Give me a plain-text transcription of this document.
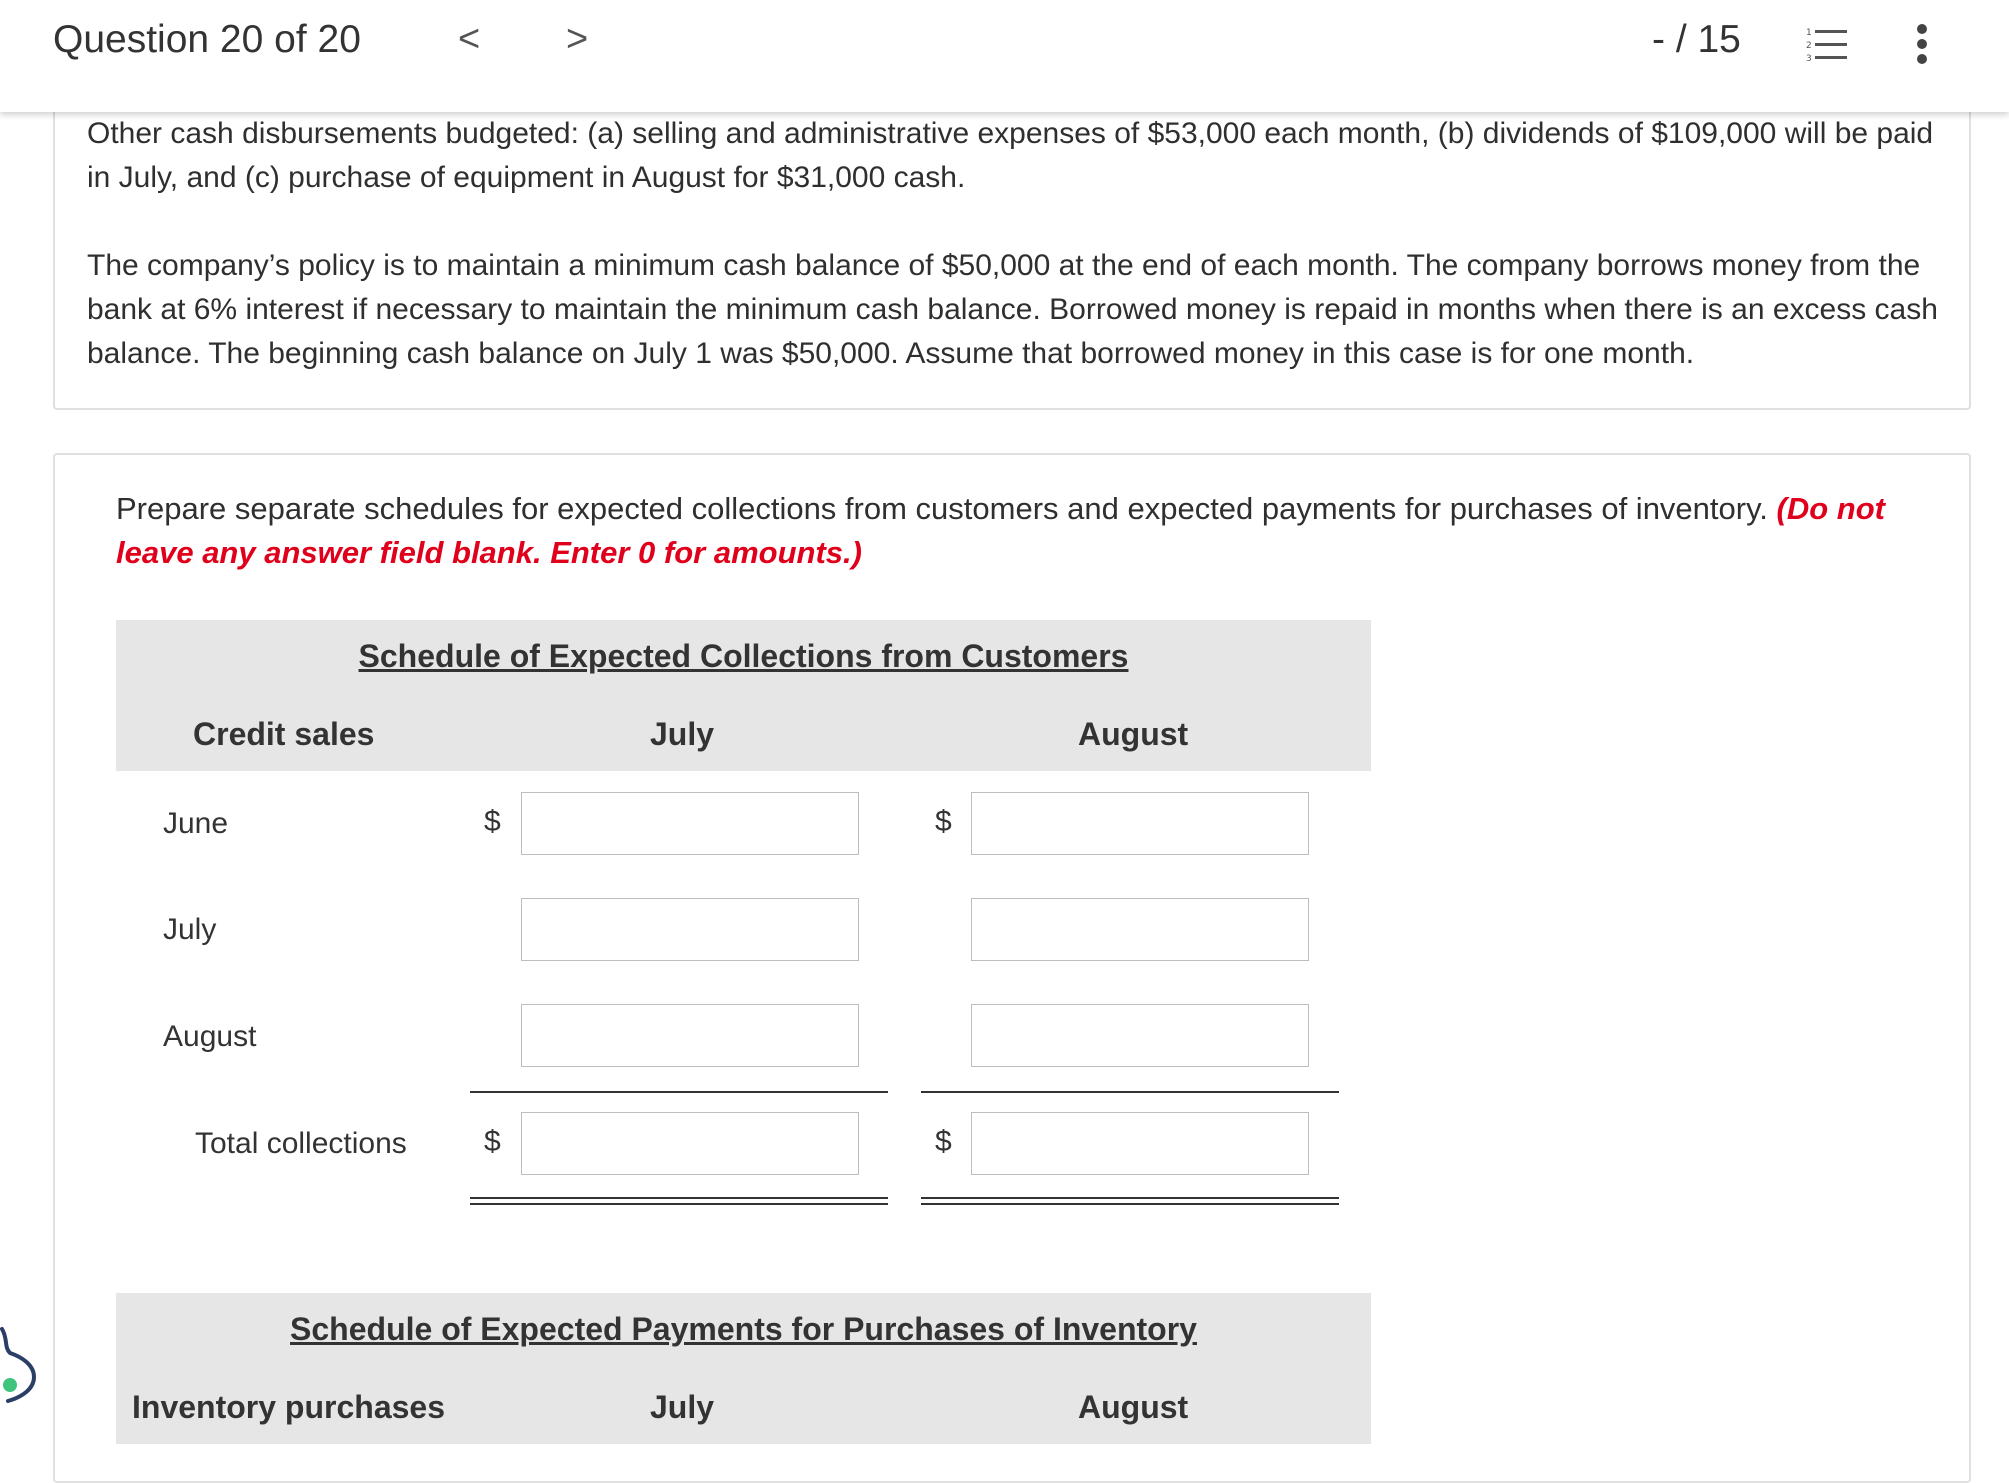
Question 20 of 20	< >	- / 15	1
2
3

Other cash disbursements budgeted: (a) selling and administrative expenses of $53,000 each month, (b) dividends of $109,000 will be paid in July, and (c) purchase of equipment in August for $31,000 cash.

The company’s policy is to maintain a minimum cash balance of $50,000 at the end of each month. The company borrows money from the bank at 6% interest if necessary to maintain the minimum cash balance. Borrowed money is repaid in months when there is an excess cash balance. The beginning cash balance on July 1 was $50,000. Assume that borrowed money in this case is for one month.

Prepare separate schedules for expected collections from customers and expected payments for purchases of inventory. (Do not leave any answer field blank. Enter 0 for amounts.)

Schedule of Expected Collections from Customers
Credit sales	July	August
June	$	$
July
August
Total collections	$	$
Schedule of Expected Payments for Purchases of Inventory
Inventory purchases	July	August
